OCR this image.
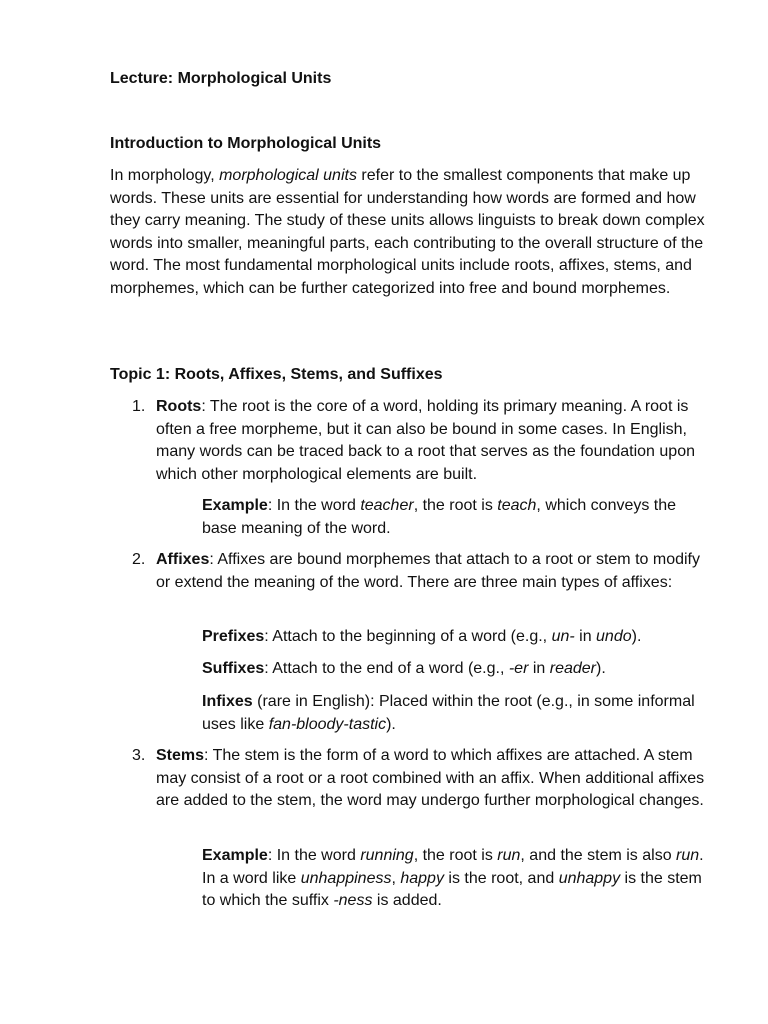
Lecture: Morphological Units

Introduction to Morphological Units

In morphology, morphological units refer to the smallest components that make up words. These units are essential for understanding how words are formed and how they carry meaning. The study of these units allows linguists to break down complex words into smaller, meaningful parts, each contributing to the overall structure of the word. The most fundamental morphological units include roots, affixes, stems, and morphemes, which can be further categorized into free and bound morphemes.

Topic 1: Roots, Affixes, Stems, and Suffixes

1. Roots: The root is the core of a word, holding its primary meaning. A root is often a free morpheme, but it can also be bound in some cases. In English, many words can be traced back to a root that serves as the foundation upon which other morphological elements are built.
Example: In the word teacher, the root is teach, which conveys the base meaning of the word.
2. Affixes: Affixes are bound morphemes that attach to a root or stem to modify or extend the meaning of the word. There are three main types of affixes:
Prefixes: Attach to the beginning of a word (e.g., un- in undo).
Suffixes: Attach to the end of a word (e.g., -er in reader).
Infixes (rare in English): Placed within the root (e.g., in some informal uses like fan-bloody-tastic).
3. Stems: The stem is the form of a word to which affixes are attached. A stem may consist of a root or a root combined with an affix. When additional affixes are added to the stem, the word may undergo further morphological changes.
Example: In the word running, the root is run, and the stem is also run. In a word like unhappiness, happy is the root, and unhappy is the stem to which the suffix -ness is added.
